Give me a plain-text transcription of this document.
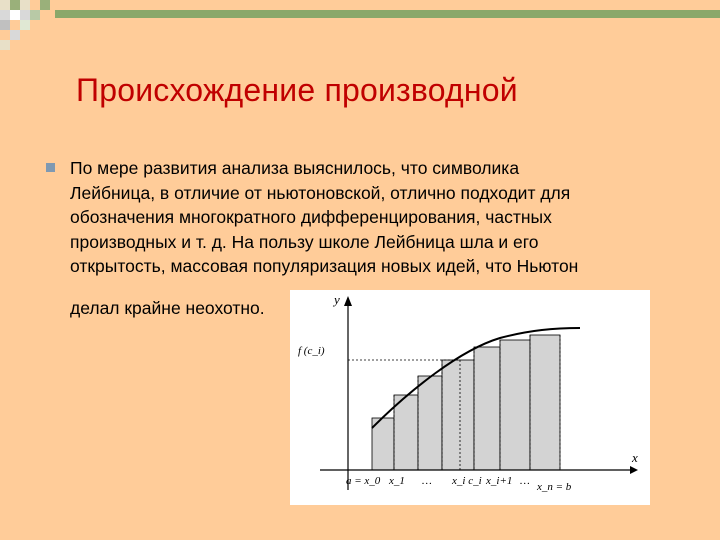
Происхождение производной
По мере развития анализа выяснилось, что символика
Лейбница, в отличие от ньютоновской, отлично подходит для
обозначения многократного дифференцирования, частных
производных и т. д. На пользу школе Лейбница шла и его
открытость, массовая популяризация новых идей, что Ньютон
делал крайне неохотно.	y
x
f (c_i)
a = x_0 x_1 … x_i c_i x_i+1 … x_n = b
